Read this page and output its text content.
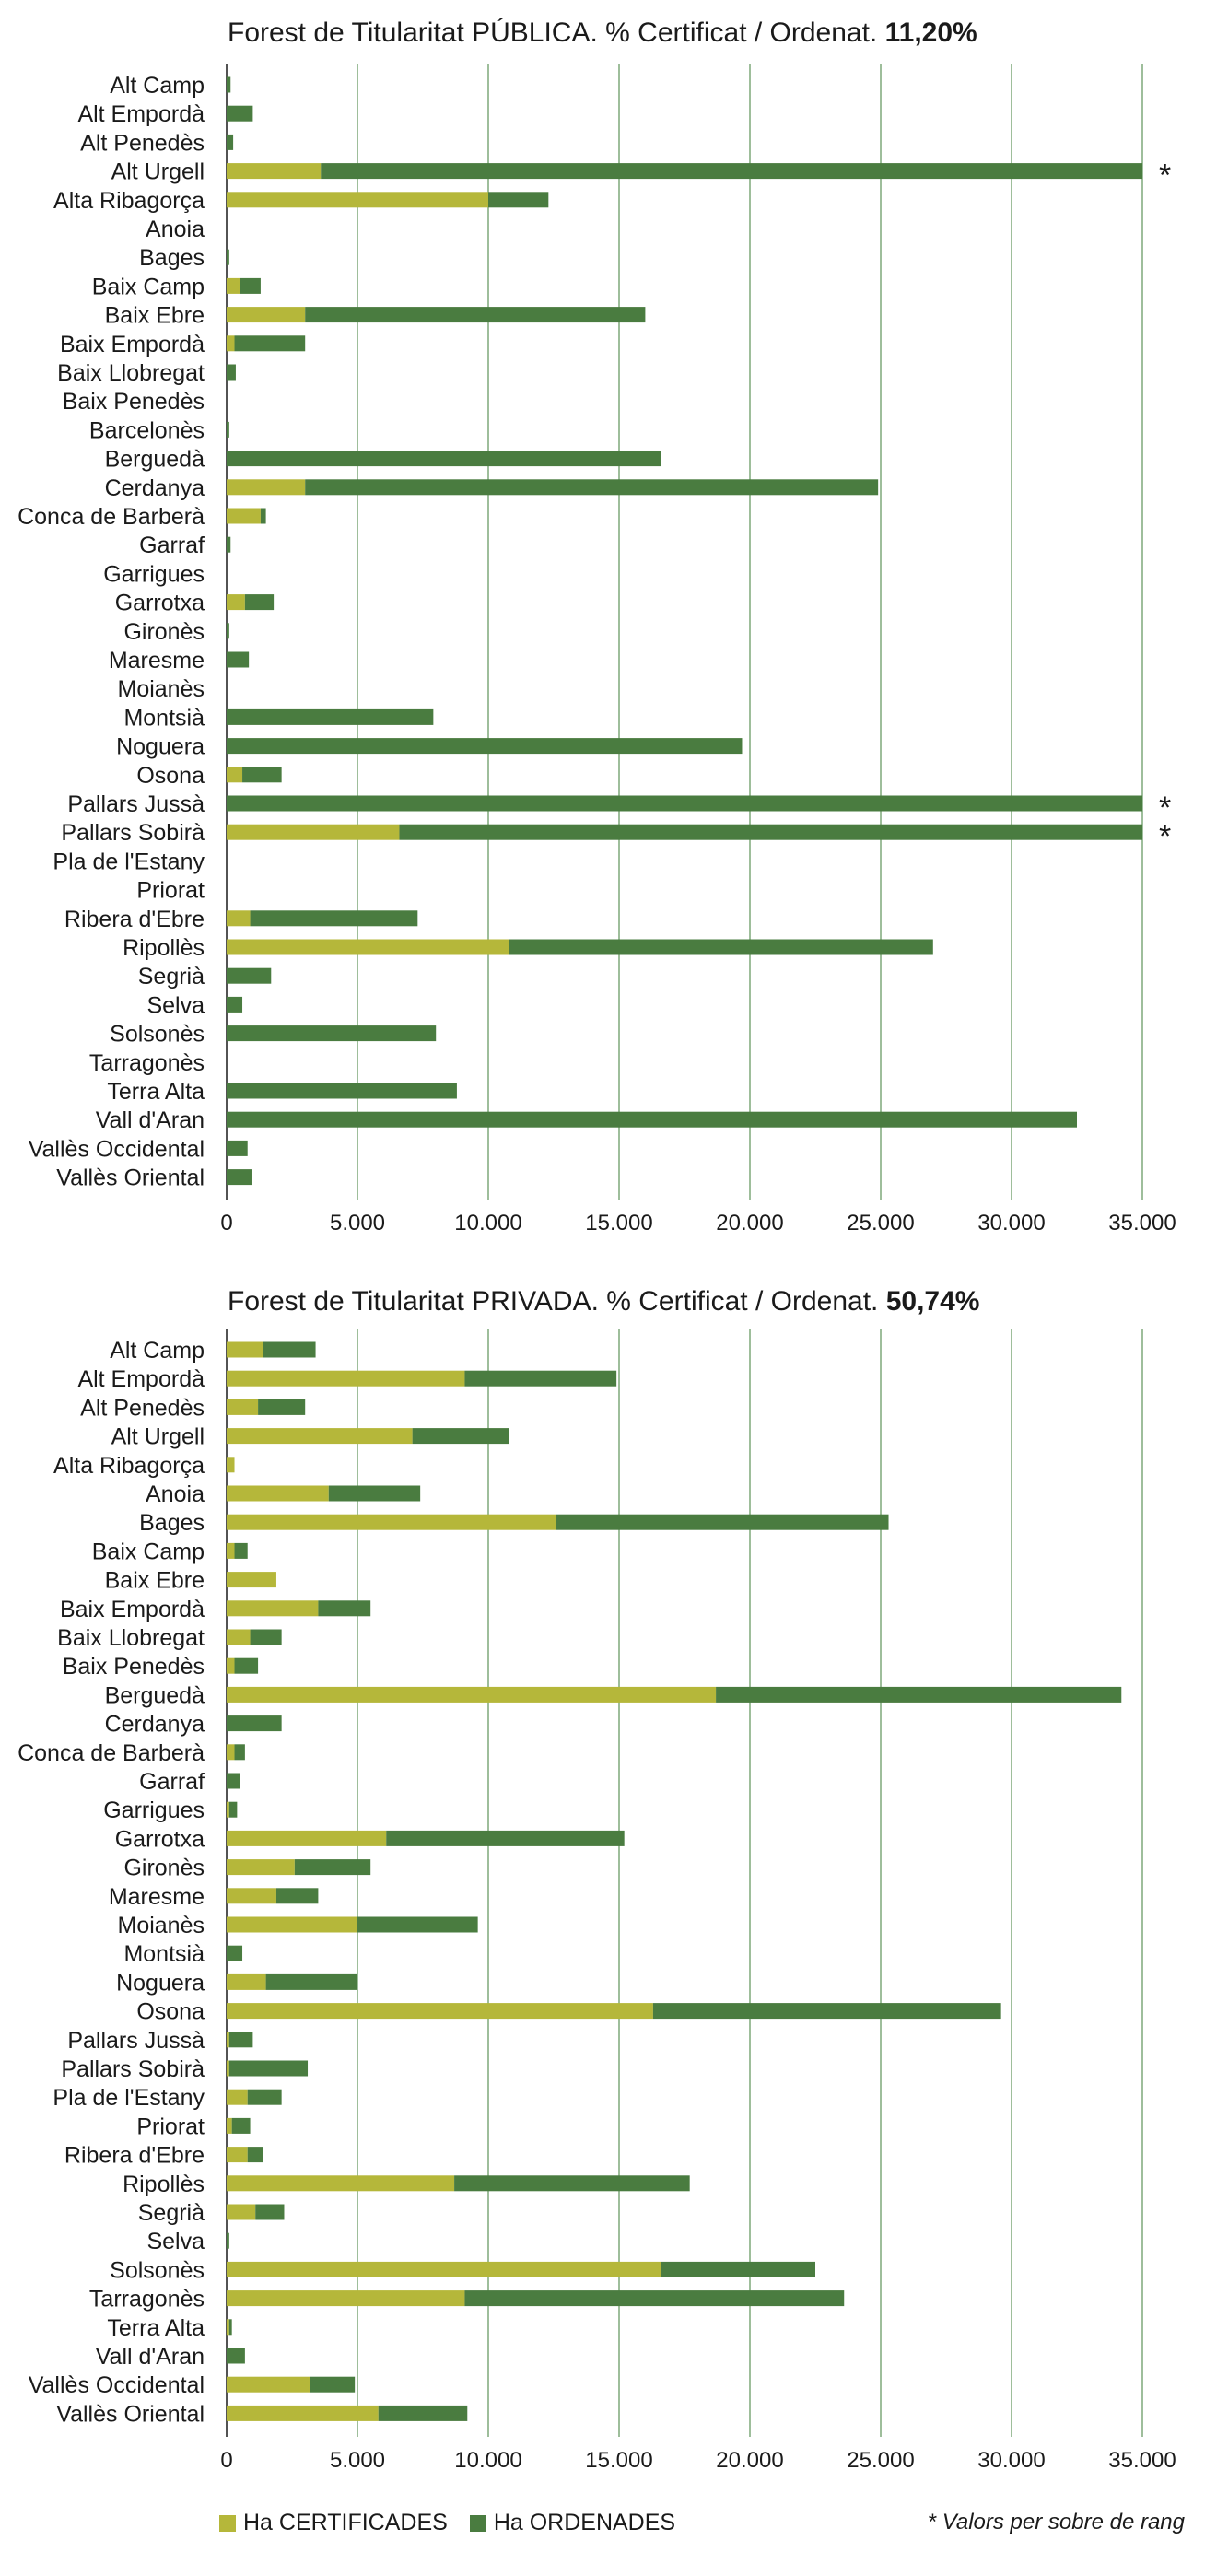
Forest de Titularitat PÚBLICA. % Certificat / Ordenat. 11,20%
0	5.000	10.000	15.000	20.000	25.000	30.000	35.000
Alt Camp
Alt Empordà
Alt Penedès
Alt Urgell	*
Alta Ribagorça
Anoia
Bages
Baix Camp
Baix Ebre
Baix Empordà
Baix Llobregat
Baix Penedès
Barcelonès
Berguedà
Cerdanya
Conca de Barberà
Garraf
Garrigues
Garrotxa
Gironès
Maresme
Moianès
Montsià
Noguera
Osona
Pallars Jussà	*
Pallars Sobirà	*
Pla de l'Estany
Priorat
Ribera d'Ebre
Ripollès
Segrià
Selva
Solsonès
Tarragonès
Terra Alta
Vall d'Aran
Vallès Occidental
Vallès Oriental
Forest de Titularitat PRIVADA. % Certificat / Ordenat. 50,74%
0	5.000	10.000	15.000	20.000	25.000	30.000	35.000
Alt Camp
Alt Empordà
Alt Penedès
Alt Urgell
Alta Ribagorça
Anoia
Bages
Baix Camp
Baix Ebre
Baix Empordà
Baix Llobregat
Baix Penedès
Berguedà
Cerdanya
Conca de Barberà
Garraf
Garrigues
Garrotxa
Gironès
Maresme
Moianès
Montsià
Noguera
Osona
Pallars Jussà
Pallars Sobirà
Pla de l'Estany
Priorat
Ribera d'Ebre
Ripollès
Segrià
Selva
Solsonès
Tarragonès
Terra Alta
Vall d'Aran
Vallès Occidental
Vallès Oriental
Ha CERTIFICADES Ha ORDENADES	* Valors per sobre de rang
